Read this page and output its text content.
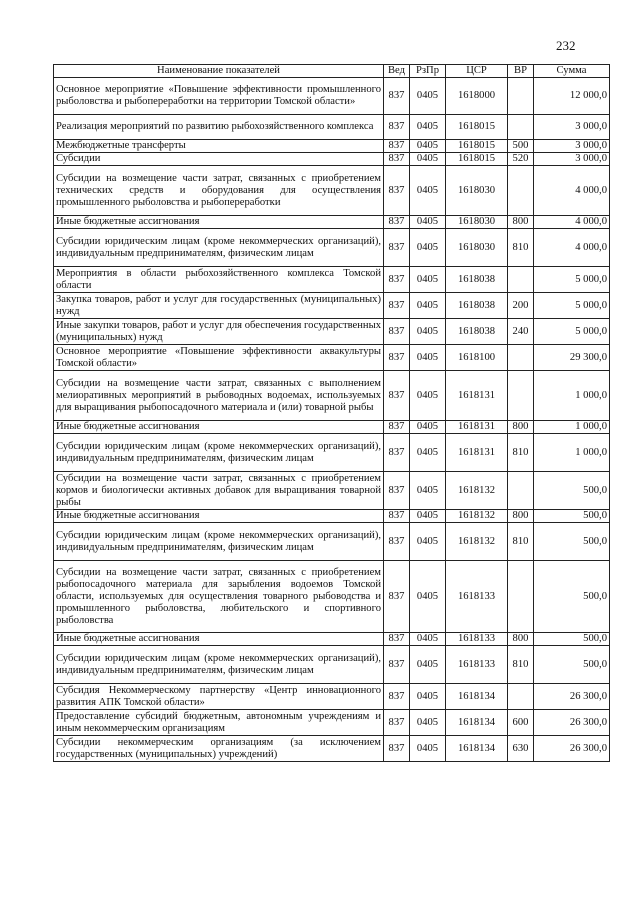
232
Наименование показателей	Вед	РзПр	ЦСР	ВР	Сумма
Основное мероприятие «Повышение эффективности промышленного рыболовства и рыбопереработки на территории Томской области»	837	0405	1618000		12 000,0
Реализация мероприятий по развитию рыбохозяйственного комплекса	837	0405	1618015		3 000,0
Межбюджетные трансферты	837	0405	1618015	500	3 000,0
Субсидии	837	0405	1618015	520	3 000,0
Субсидии на возмещение части затрат, связанных с приобретением технических средств и оборудования для осуществления промышленного рыболовства и рыбопереработки	837	0405	1618030		4 000,0
Иные бюджетные ассигнования	837	0405	1618030	800	4 000,0
Субсидии юридическим лицам (кроме некоммерческих организаций), индивидуальным предпринимателям, физическим лицам	837	0405	1618030	810	4 000,0
Мероприятия в области рыбохозяйственного комплекса Томской области	837	0405	1618038		5 000,0
Закупка товаров, работ и услуг для государственных (муниципальных) нужд	837	0405	1618038	200	5 000,0
Иные закупки товаров, работ и услуг для обеспечения государственных (муниципальных) нужд	837	0405	1618038	240	5 000,0
Основное мероприятие «Повышение эффективности аквакультуры Томской области»	837	0405	1618100		29 300,0
Субсидии на возмещение части затрат, связанных с выполнением мелиоративных мероприятий в рыбоводных водоемах, используемых для выращивания рыбопосадочного материала и (или) товарной рыбы	837	0405	1618131		1 000,0
Иные бюджетные ассигнования	837	0405	1618131	800	1 000,0
Субсидии юридическим лицам (кроме некоммерческих организаций), индивидуальным предпринимателям, физическим лицам	837	0405	1618131	810	1 000,0
Субсидии на возмещение части затрат, связанных с приобретением кормов и биологически активных добавок для выращивания товарной рыбы	837	0405	1618132		500,0
Иные бюджетные ассигнования	837	0405	1618132	800	500,0
Субсидии юридическим лицам (кроме некоммерческих организаций), индивидуальным предпринимателям, физическим лицам	837	0405	1618132	810	500,0
Субсидии на возмещение части затрат, связанных с приобретением рыбопосадочного материала для зарыбления водоемов Томской области, используемых для осуществления товарного рыбоводства и промышленного рыболовства, любительского и спортивного рыболовства	837	0405	1618133		500,0
Иные бюджетные ассигнования	837	0405	1618133	800	500,0
Субсидии юридическим лицам (кроме некоммерческих организаций), индивидуальным предпринимателям, физическим лицам	837	0405	1618133	810	500,0
Субсидия Некоммерческому партнерству «Центр инновационного развития АПК Томской области»	837	0405	1618134		26 300,0
Предоставление субсидий бюджетным, автономным учреждениям и иным некоммерческим организациям	837	0405	1618134	600	26 300,0
Субсидии некоммерческим организациям (за исключением государственных (муниципальных) учреждений)	837	0405	1618134	630	26 300,0
